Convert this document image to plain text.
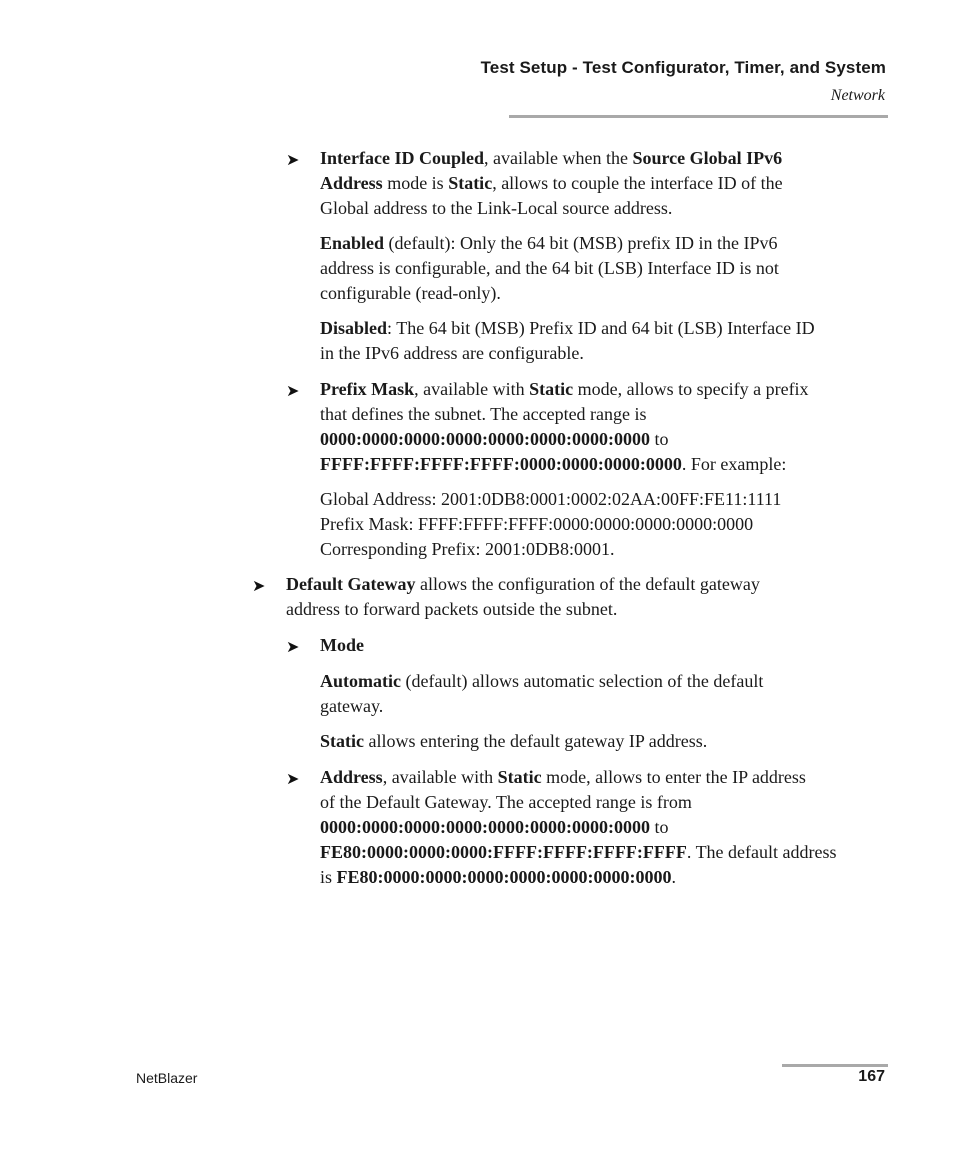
Test Setup - Test Configurator, Timer, and System
Network
➤ Interface ID Coupled, available when the Source Global IPv6
Address mode is Static, allows to couple the interface ID of the
Global address to the Link-Local source address.

Enabled (default): Only the 64 bit (MSB) prefix ID in the IPv6
address is configurable, and the 64 bit (LSB) Interface ID is not
configurable (read-only).

Disabled: The 64 bit (MSB) Prefix ID and 64 bit (LSB) Interface ID
in the IPv6 address are configurable.

➤ Prefix Mask, available with Static mode, allows to specify a prefix
that defines the subnet. The accepted range is
0000:0000:0000:0000:0000:0000:0000:0000 to
FFFF:FFFF:FFFF:FFFF:0000:0000:0000:0000. For example:

Global Address: 2001:0DB8:0001:0002:02AA:00FF:FE11:1111
Prefix Mask: FFFF:FFFF:FFFF:0000:0000:0000:0000:0000
Corresponding Prefix: 2001:0DB8:0001.

➤ Default Gateway allows the configuration of the default gateway
address to forward packets outside the subnet.

➤ Mode

Automatic (default) allows automatic selection of the default
gateway.

Static allows entering the default gateway IP address.

➤ Address, available with Static mode, allows to enter the IP address
of the Default Gateway. The accepted range is from
0000:0000:0000:0000:0000:0000:0000:0000 to
FE80:0000:0000:0000:FFFF:FFFF:FFFF:FFFF. The default address
is FE80:0000:0000:0000:0000:0000:0000:0000.

NetBlazer	167
